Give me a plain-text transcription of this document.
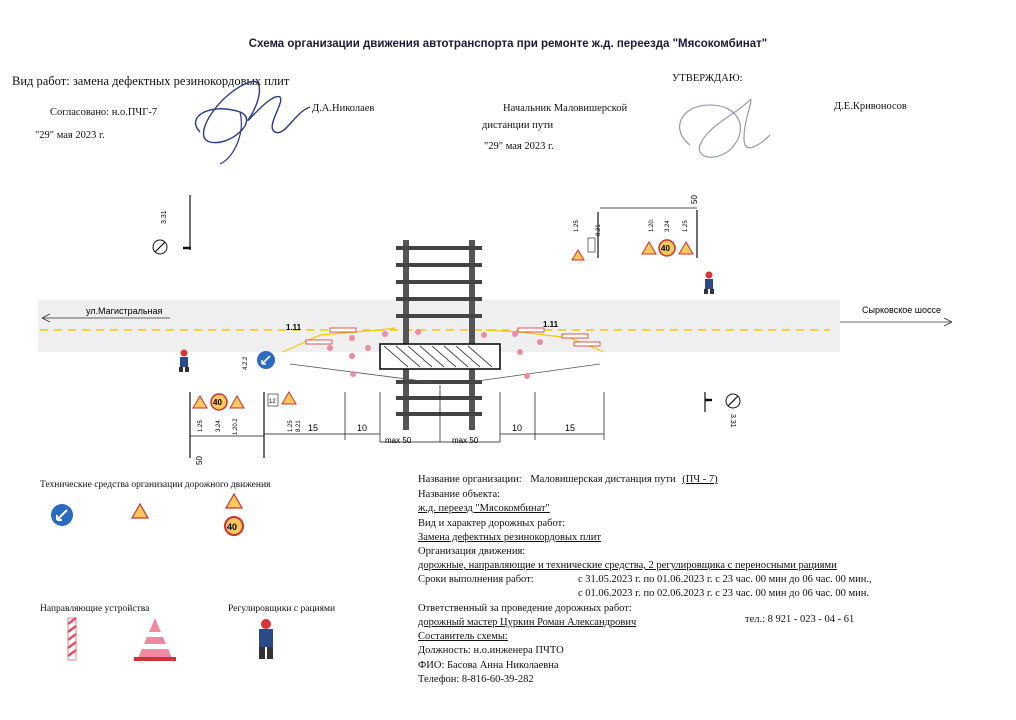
Схема организации движения автотранспорта при ремонте ж.д. переезда "Мясокомбинат"
Вид работ: замена дефектных резинокордовых плит	УТВЕРЖДАЮ:
Согласовано: н.о.ПЧГ-7	Д.А.Николаев
"29" мая 2023 г.
Начальник Маловишерской
дистанции пути
"29" мая 2023 г.
Д.Е.Кривоносов
ул.Магистральная	Сырковское шоссе
1.11	1.11
3.31
1.25	8.21
50
40
1.20. 3.24 1.25
4.2.2
40
1.25 3.24 1.20.2
12
1.25 8.21
50
3.31
15	10
max 50	max 50
10	15
Технические средства организации дорожного движения
40
Направляющие устройства	Регулировщики с рациями
Название организации: Маловишерская дистанция пути (ПЧ - 7)
Название объекта:
ж.д. переезд "Мясокомбинат"
Вид и характер дорожных работ:
Замена дефектных резинокордовых плит
Организация движения:
дорожные, направляющие и технические средства, 2 регулировщика с переносными рациями
Сроки выполнения работ:	с 31.05.2023 г. по 01.06.2023 г. с 23 час. 00 мин до 06 час. 00 мин.,
с 01.06.2023 г. по 02.06.2023 г. с 23 час. 00 мин до 06 час. 00 мин.
Ответственный за проведение дорожных работ:
дорожный мастер Цуркин Роман Александрович	тел.: 8 921 - 023 - 04 - 61
Составитель схемы:
Должность: н.о.инженера ПЧТО
ФИО: Басова Анна Николаевна
Телефон: 8-816-60-39-282
